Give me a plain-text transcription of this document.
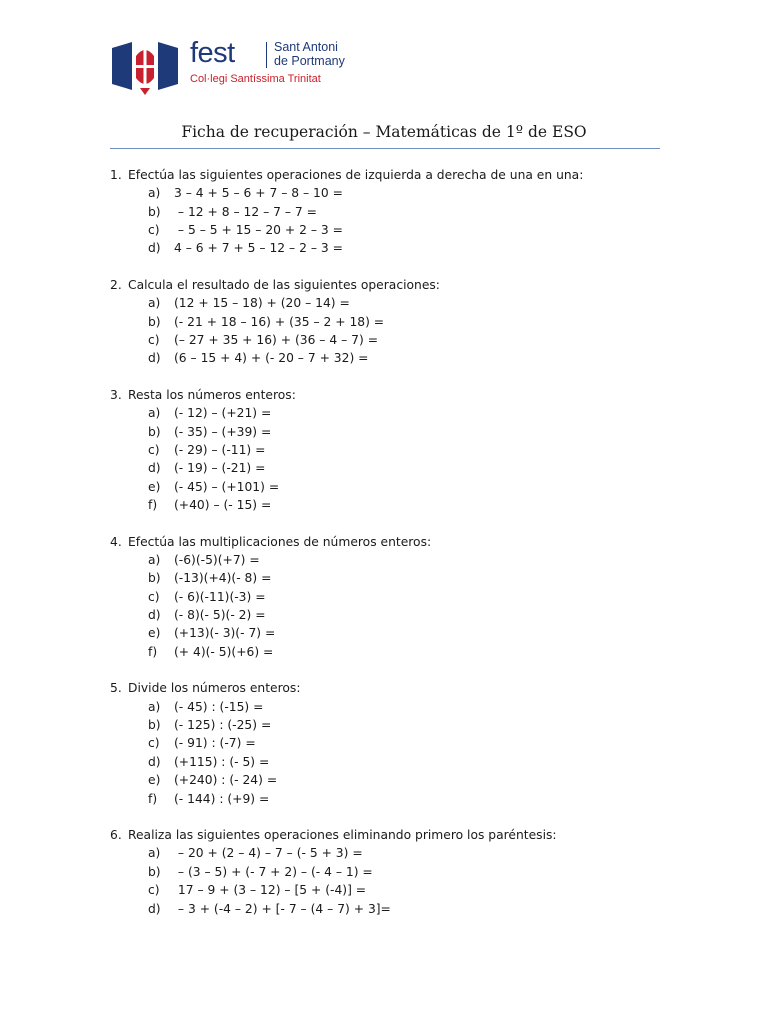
fest	Sant Antoni
de Portmany
Col·legi Santíssima Trinitat
Ficha de recuperación – Matemáticas de 1º de ESO
1. Efectúa las siguientes operaciones de izquierda a derecha de una en una:
a) 3 – 4 + 5 – 6 + 7 – 8 – 10 =
b) – 12 + 8 – 12 – 7 – 7 =
c) – 5 – 5 + 15 – 20 + 2 – 3 =
d) 4 – 6 + 7 + 5 – 12 – 2 – 3 =
2. Calcula el resultado de las siguientes operaciones:
a) (12 + 15 – 18) + (20 – 14) =
b) (- 21 + 18 – 16) + (35 – 2 + 18) =
c) (– 27 + 35 + 16) + (36 – 4 – 7) =
d) (6 – 15 + 4) + (- 20 – 7 + 32) =
3. Resta los números enteros:
a) (- 12) – (+21) =
b) (- 35) – (+39) =
c) (- 29) – (-11) =
d) (- 19) – (-21) =
e) (- 45) – (+101) =
f) (+40) – (- 15) =
4. Efectúa las multiplicaciones de números enteros:
a) (-6)(-5)(+7) =
b) (-13)(+4)(- 8) =
c) (- 6)(-11)(-3) =
d) (- 8)(- 5)(- 2) =
e) (+13)(- 3)(- 7) =
f) (+ 4)(- 5)(+6) =
5. Divide los números enteros:
a) (- 45) : (-15) =
b) (- 125) : (-25) =
c) (- 91) : (-7) =
d) (+115) : (- 5) =
e) (+240) : (- 24) =
f) (- 144) : (+9) =
6. Realiza las siguientes operaciones eliminando primero los paréntesis:
a) – 20 + (2 – 4) – 7 – (- 5 + 3) =
b) – (3 – 5) + (- 7 + 2) – (- 4 – 1) =
c) 17 – 9 + (3 – 12) – [5 + (-4)] =
d) – 3 + (-4 – 2) + [- 7 – (4 – 7) + 3]=
